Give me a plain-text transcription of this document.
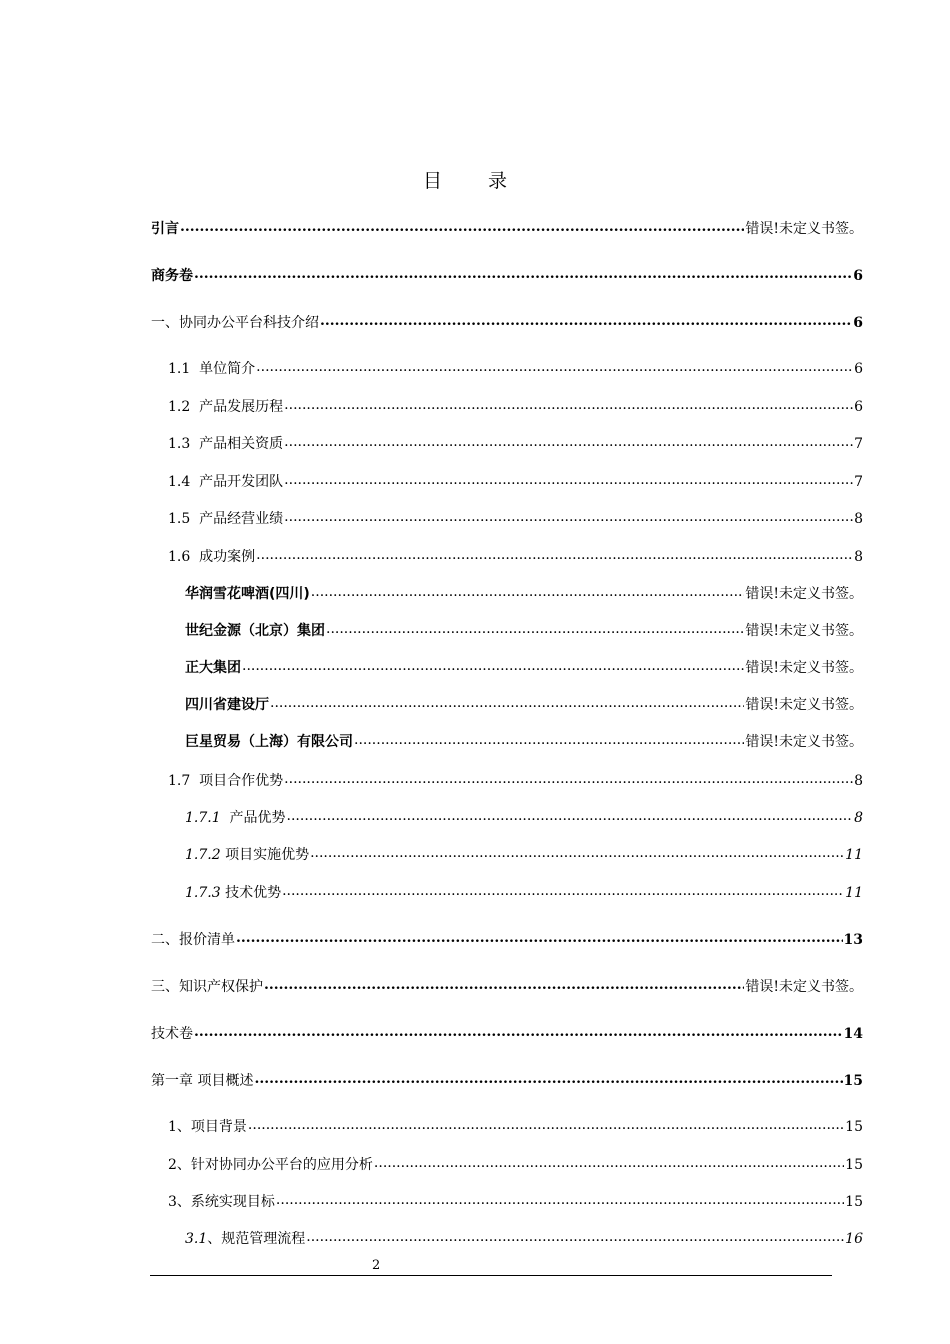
目 录
引言 .....	错误!未定义书签。
商务卷 .....	6
一、协同办公平台科技介绍 .....	6
1.1 单位简介 .....	6
1.2 产品发展历程 .....	6
1.3 产品相关资质 .....	7
1.4 产品开发团队 .....	7
1.5 产品经营业绩 .....	8
1.6 成功案例 .....	8
华润雪花啤酒(四川) .....	错误!未定义书签。
世纪金源（北京）集团 .....	错误!未定义书签。
正大集团 .....	错误!未定义书签。
四川省建设厅 .....	错误!未定义书签。
巨星贸易（上海）有限公司 .....	错误!未定义书签。
1.7 项目合作优势 .....	8
1.7.1 产品优势 .....	8
1.7.2 项目实施优势 .....	11
1.7.3 技术优势 .....	11
二、报价清单 .....	13
三、知识产权保护 .....	错误!未定义书签。
技术卷 .....	14
第一章 项目概述 .....	15
1、项目背景 .....	15
2、针对协同办公平台的应用分析 .....	15
3、系统实现目标 .....	15
3.1、规范管理流程 .....	16
2
